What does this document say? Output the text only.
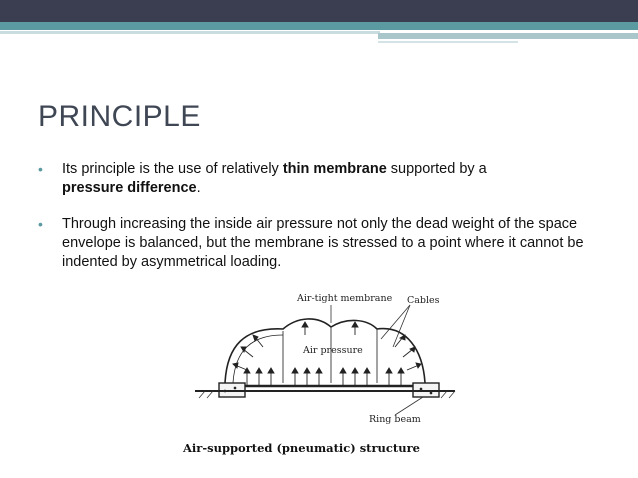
PRINCIPLE
• Its principle is the use of relatively thin membrane supported by a
pressure difference.
• Through increasing the inside air pressure not only the dead weight of the space envelope is balanced, but the membrane is stressed to a point where it cannot be indented by asymmetrical loading.
Air-tight membrane Cables
Air pressure
Ring beam
Air-supported (pneumatic) structure
